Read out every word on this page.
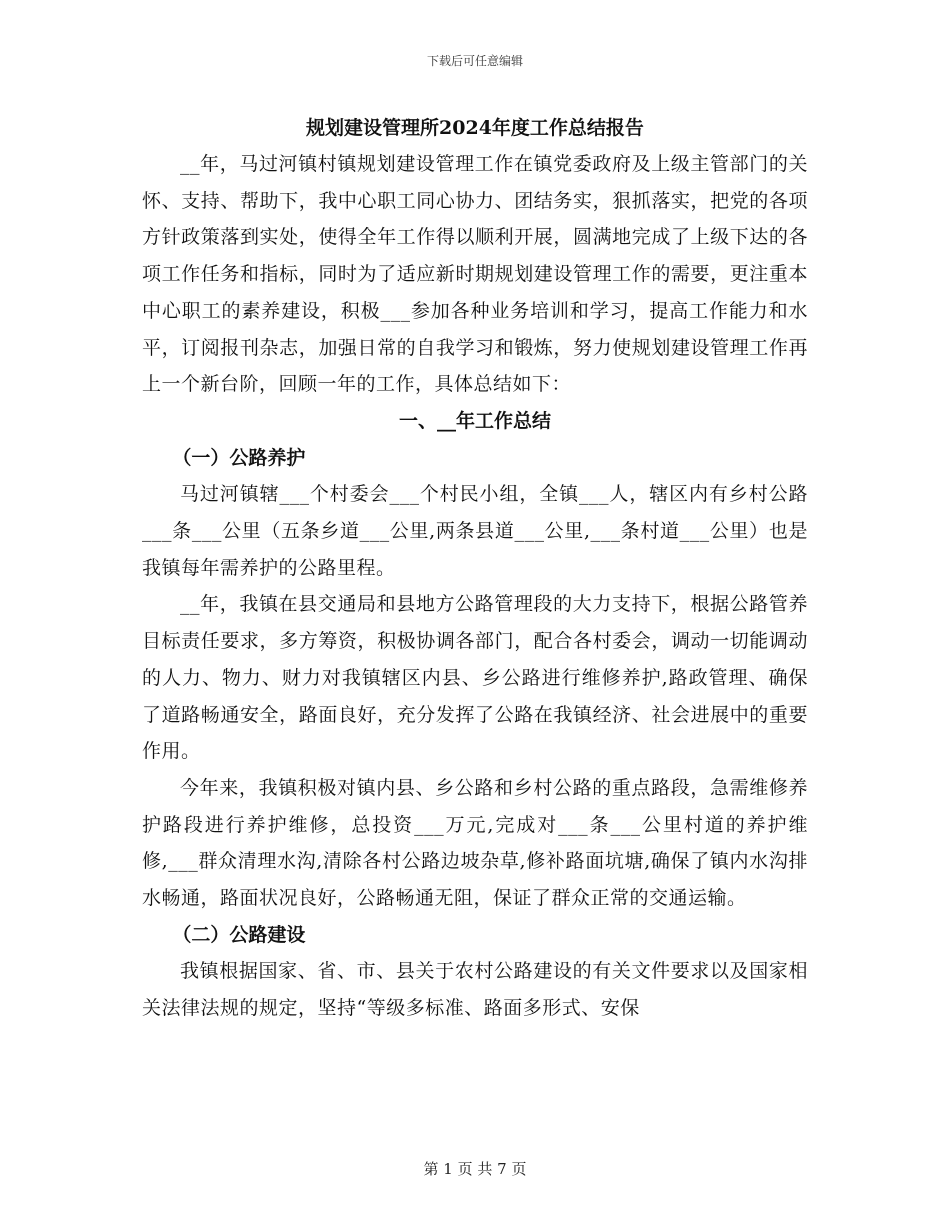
下载后可任意编辑

规划建设管理所2024年度工作总结报告

__年，马过河镇村镇规划建设管理工作在镇党委政府及上级主管部门的关怀、支持、帮助下，我中心职工同心协力、团结务实，狠抓落实，把党的各项方针政策落到实处，使得全年工作得以顺利开展，圆满地完成了上级下达的各项工作任务和指标，同时为了适应新时期规划建设管理工作的需要，更注重本中心职工的素养建设，积极___参加各种业务培训和学习，提高工作能力和水平，订阅报刊杂志，加强日常的自我学习和锻炼，努力使规划建设管理工作再上一个新台阶，回顾一年的工作，具体总结如下：

一、__年工作总结

（一）公路养护

马过河镇辖___个村委会___个村民小组，全镇___人，辖区内有乡村公路___条___公里（五条乡道___公里,两条县道___公里,___条村道___公里）也是我镇每年需养护的公路里程。

__年，我镇在县交通局和县地方公路管理段的大力支持下，根据公路管养目标责任要求，多方筹资，积极协调各部门，配合各村委会，调动一切能调动的人力、物力、财力对我镇辖区内县、乡公路进行维修养护,路政管理、确保了道路畅通安全，路面良好，充分发挥了公路在我镇经济、社会进展中的重要作用。

今年来，我镇积极对镇内县、乡公路和乡村公路的重点路段，急需维修养护路段进行养护维修，总投资___万元,完成对___条___公里村道的养护维修,___群众清理水沟,清除各村公路边坡杂草,修补路面坑塘,确保了镇内水沟排水畅通，路面状况良好，公路畅通无阻，保证了群众正常的交通运输。

（二）公路建设

我镇根据国家、省、市、县关于农村公路建设的有关文件要求以及国家相关法律法规的规定，坚持“等级多标准、路面多形式、安保

第 1 页 共 7 页
